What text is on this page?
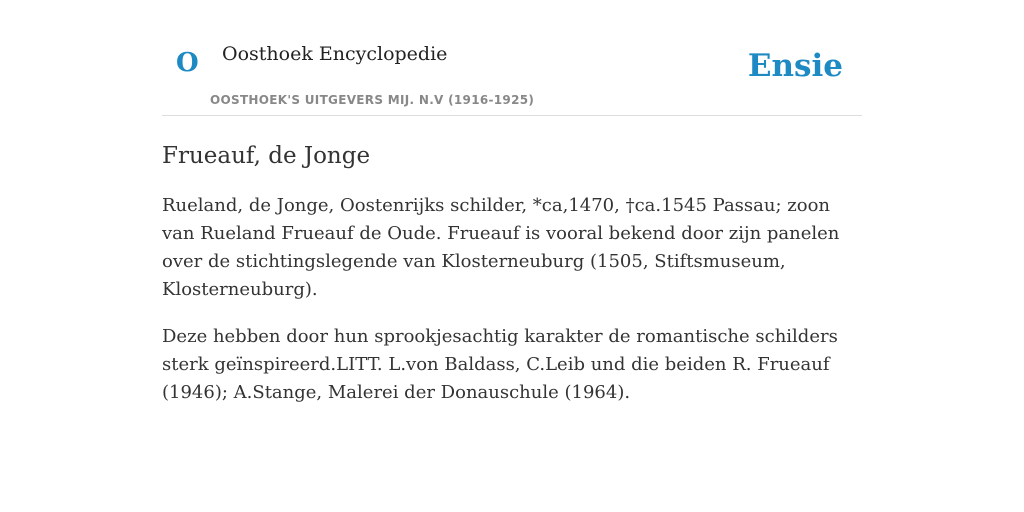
O Oosthoek Encyclopedie
OOSTHOEK'S UITGEVERS MIJ. N.V (1916-1925)
Ensie
Frueauf, de Jonge

Rueland, de Jonge, Oostenrijks schilder, *ca,1470, †ca.1545 Passau; zoon van Rueland Frueauf de Oude. Frueauf is vooral bekend door zijn panelen over de stichtingslegende van Klosterneuburg (1505, Stiftsmuseum, Klosterneuburg).

Deze hebben door hun sprookjesachtig karakter de romantische schilders sterk geïnspireerd.LITT. L.von Baldass, C.Leib und die beiden R. Frueauf (1946); A.Stange, Malerei der Donauschule (1964).
